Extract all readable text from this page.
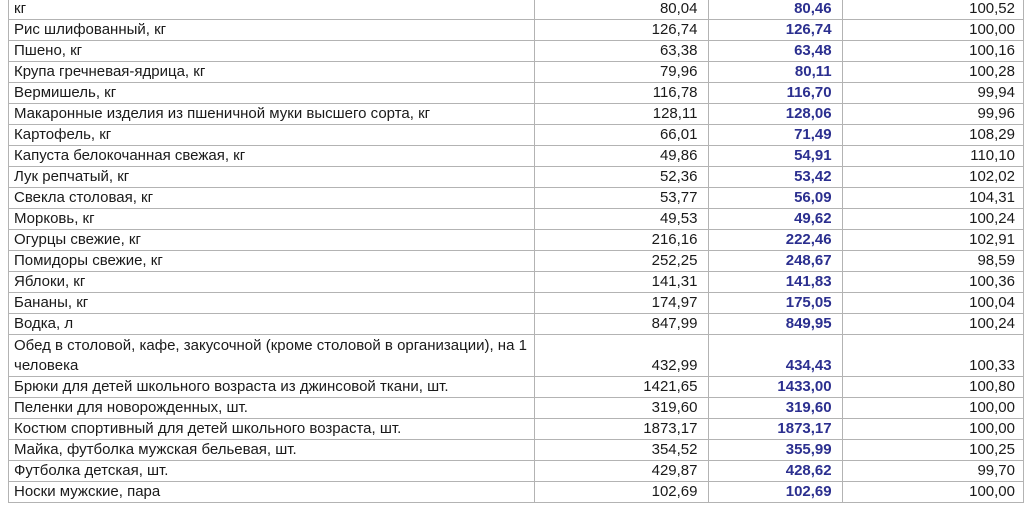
кг	80,04	80,46	100,52
Рис шлифованный, кг	126,74	126,74	100,00
Пшено, кг	63,38	63,48	100,16
Крупа гречневая-ядрица, кг	79,96	80,11	100,28
Вермишель, кг	116,78	116,70	99,94
Макаронные изделия из пшеничной муки высшего сорта, кг	128,11	128,06	99,96
Картофель, кг	66,01	71,49	108,29
Капуста белокочанная свежая, кг	49,86	54,91	110,10
Лук репчатый, кг	52,36	53,42	102,02
Свекла столовая, кг	53,77	56,09	104,31
Морковь, кг	49,53	49,62	100,24
Огурцы свежие, кг	216,16	222,46	102,91
Помидоры свежие, кг	252,25	248,67	98,59
Яблоки, кг	141,31	141,83	100,36
Бананы, кг	174,97	175,05	100,04
Водка, л	847,99	849,95	100,24
Обед в столовой, кафе, закусочной (кроме столовой в организации), на 1 человека	432,99	434,43	100,33
Брюки для детей школьного возраста из джинсовой ткани, шт.	1421,65	1433,00	100,80
Пеленки для новорожденных, шт.	319,60	319,60	100,00
Костюм спортивный для детей школьного возраста, шт.	1873,17	1873,17	100,00
Майка, футболка мужская бельевая, шт.	354,52	355,99	100,25
Футболка детская, шт.	429,87	428,62	99,70
Носки мужские, пара	102,69	102,69	100,00
